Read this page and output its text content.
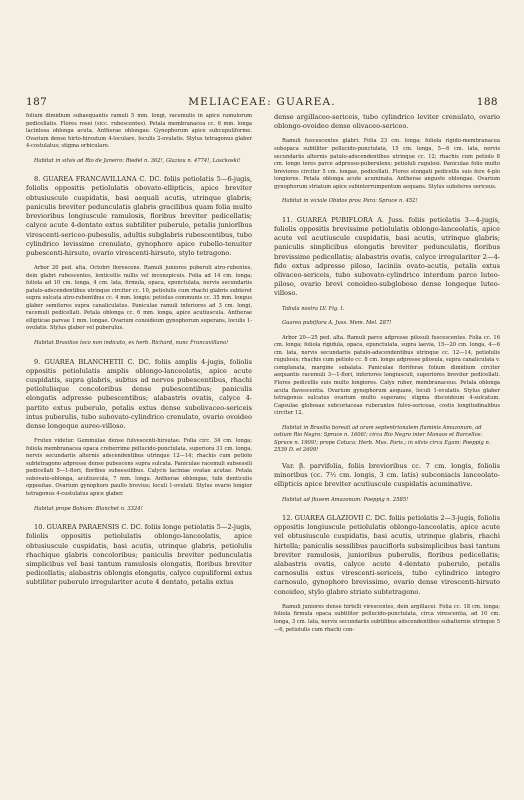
187	MELIACEAE: GUAREA.	188

folium dimidium subaequantis ramuli 5 mm. longi, racemulis in apice ramulorum pedicellatis. Flores rosei (sicc. rubescentes). Petala membranacea cc. 6 mm. longa lacinlosa oblonga acuta. Antherae oblongae. Gynophorum apice subcupuliforme. Ovarium dense hirto-hirsutum 4-loculare, loculis 2-ovulatis. Stylus tetragonus glaber 4-costulatus; stigma orbiculare.

Habitat in silvis ad Rio de Janeiro: Riedel n. 362!, Glaziou n. 4774!, Lasckoski!

8. GUAREA FRANCAVILLANA C. DC. foliis petiolatis 5—6-jugis, foliolis oppositis petiolulatis obovato-ellipticis, apice breviter obtusiuscule cuspidatis, basi aequali acutis, utrinque glabris; paniculis breviter pedunculatis glabris gracilibus quam folia multo brevioribus longiuscule ramulosis, floribus breviter pedicellatis; calyce acute 4-dentato extus subtiliter puberulo, petalis juniorlbus virescenti-sericeo-pubesulis, adultis subglabris rubescentibus, tubo cylindrico levissime crenulato, gynophoro apice rubello-tenuiter pubescenti-hirsuto, ovario virescenti-hirsuto, stylo tetragono.

Arbor 20 ped. alta, Octobri florescens. Ramuli juniores puberuli atro-rubentes, dein glabri rubescentes, lenticellis nullis vel inconspicuis. Folia ad 14 cm. longa; foliola ad 10 cm. longa, 4 cm. lata, firmula, opaca, eponctulata, nervis secundariis patulo-adscendentibus utrinque circiter cc. 10, petiolulis cum rhachi glabris subteret supra sulcata atro-rubentibus cc. 4 mm. longis; petiolus communis cc. 35 mm. longus glaber semiteres supra canaliculatus. Paniculae ramuli inferiores ad 3 cm. longi, racemuli pedicellati. Petala oblonga cc. 6 mm. longa, apice acutiuscula. Antherae ellipticae parvae 1 mm. longae. Ovarium conoideum gynophorum superans, loculis 1-ovulatis. Stylus glaber vel puberulus.

Habitat Brasilios loco non indicato, ex herb. Richard, nunc Francavillano!

9. GUAREA BLANCHETII C. DC. foliis amplis 4-jugis, foliolis oppositis petiolulatis amplis oblongo-lanceolatis, apice acute cuspidatis, supra glabris, subtus ad nervos pubescentibus, rhachi petiolulisque concoloribus dense pubescentibus; paniculis elongatis adpresse pubescentibus; alabastris ovatis, calyce 4-partito extus puberulo, petalis extus dense subolivaceo-sericeis intus puberulis, tubo subovato-cylindrico crenulato, ovario ovoideo dense longeque aureo-villoso.

Frutex videtur. Gemmulae dense fulvescenti-hirsutae. Folia circ. 34 cm. longa; foliola membranacea opaca creberrime pellucido-punctulata, superiora 31 cm. longa, nervis secundariis alternis adscendentibus utrinque 12—14; rhachis cum petiolo subtetragono adpresse dense pubescens supra sulcata. Paniculae racemuli subsessili pedicellati 5—1-flori, floribus subsessilibus. Calycis laciniae ovatae acutae. Petala subovato-oblonga, acutiuscula, 7 mm. longa. Antherae oblongae, tubi denticulis oppositae. Ovarium gynophoro paullo brevius; loculi 1-ovulati. Stylus ovario longior tetragonus 4-costulatus apice glaber.

Habitat prope Bahiam: Blanchet n. 3324!

10. GUAREA PARAENSIS C. DC. foliis longe petiolatis 5—2-jugis, foliolis oppositis petiolulatis oblongo-lanceolatis, apice obtusiuscule cuspidatis, basi acutis, utrinque glabris, petiolulis rhachique glabris concoloribus; paniculis breviter pedunculatis simplicibus vel basi tantum ramulosis elongatis, floribus breviter pedicellatis; alabastris oblongis elongatis, calyce cupuliformi extus subtiliter puberulo irregulariter acute 4 dentato, petalis extus

dense argillaceo-sericeis, tubo cylindrico leviter crenulato, ovario oblongo-ovoideo dense olivaceo-sericeo.

Ramuli fuscescentes glabri. Folia 23 cm. longa; foliola rigido-membranacea subopaca subtiliter pellucido-punctulata, 15 cm. longa, 5—6 cm. lata, nervis secundariis alternis patulo-adscendentibus utrinque cc. 12; rhachis cum petiolo 8 cm. longo teres parce adpresso-puberulens; petioluli rugulosi. Paniculae folio multo breviores circiter 5 cm. longae, pedicellati. Flores elongati pedicellis suis fere 4-plo longiores. Petala oblonga acute acuminata. Antherae anguste oblongae. Ovarium gynophorum striatum apice subinterrumpentum aequans. Stylus substeres sericeus.

Habitat in viciale Obidos prov. Para: Spruce n. 452!

11. GUAREA PUBIFLORA A. Juss. foliis petiolatis 3—4-jugis, foliolis oppositis brevissime petiolulatis oblongo-lanceolatis, apice acute vel acutiuscule cuspidatis, basi acutis, utrinque glabris; paniculis simplicibus elongatis breviter pedunculatis, floribus brevissime pedicellatis; alabastris ovatis, calyce irregulariter 2—4-fido extus adpresse piloso, laciniis ovato-acutis, petalis extus olivaceo-sericeis, tubo subovato-cylindrico interdum parce luteo-piloso, ovario brevi conoideo-subgloboso dense longeque luteo-villoso.

Tabula nostra LV. Fig. I.

Guarea pubiflora A. Juss. Mem. Mel. 287!

Arbor 20—25 ped. alta. Ramuli parce adpresse pilosuli fuscescentes. Folia cc. 16 cm. longa; foliola rigidula, opaca, epunctulata, supra laevia, 15—20 cm. longa, 4—6 cm. lata, nervis secundariis patulo-adscendentibus utrinque cc. 12—14, petiolulis rugulosis; rhachis cum petiolo cc. 8 cm. longo adpresse pilosula, supra canaliculata v. complanata, margine subalata. Paniculae floriferae folium dimidium circiter aequantis racemuli 3—1-flori, inferiores longiusculi, superiores breviter pedicellati. Flores pedicellis suis multo longiores. Calyx ruber, membranaceus. Petala oblonga acuta flavescentia. Ovarium gynophorum aequans, loculi 1-ovulatis. Stylus glaber tetragonus sulcatus ovarium multo superans; stigma discoideum 4-sulcatum. Capsulae globosae subcoriaceae ruberantes fulvo-sericeae, costis longitudinalibus circiter 12.

Habitat in Brasilia boreali ad oram septentrionalem fluminis Amazonum, ad ostium Rio Negro: Spruce n. 1606!; circa Rio Negro inter Manaos et Barcellos: Spruce n. 1909!; prope Cotuca: Herb. Mus. Paris.; in silvis circa Egam: Poeppig n. 2539 D. et 2609!

Var. β. parvifolia, foliis brevioribus cc. 7 cm. longis, foliolis minoribus (cc. 7½ cm. longis, 3 cm. latis) subconiacis lanceolato-ellipticis apice breviter acutiuscule cuspidatis acuminative.

Habitat ad fluvem Amazonum: Poeppig n. 2585!

12. GUAREA GLAZIOVII C. DC. foliis petiolatis 2—3-jugis, foliolis oppositis longiuscule petiolulatis oblongo-lanceolatis, apice acute vel obtusiuscule cuspidatis, basi acutis, utrinque glabris, rhachi hirtella; paniculis sessilibus pauciflorls subsimplicibus basi tantum breviter ramulosis, junioribus puberulis, floribus pedicellatis; alabastris ovatis, calyce acute 4-dentato puberulo, petalis carnosulis extus virescenti-sericeis, tubo cylindrico integro carnosulo, gynophoro brevissimo, ovario dense virescenti-hirsuto conoideo, stylo glabro striato subtetragono.

Ramuli juniores dense hirtelli virescentes, dein argillacei. Folia cc. 18 cm. longa; foliola firmula opaca subtiliter pellucido-punctulata, circa virescentia, ad 10 cm. longa, 3 cm. lata, nervis secundariis subtilibus adscendentibus subalternis utrinque 5—6, petiolulis cum rhachi con-
